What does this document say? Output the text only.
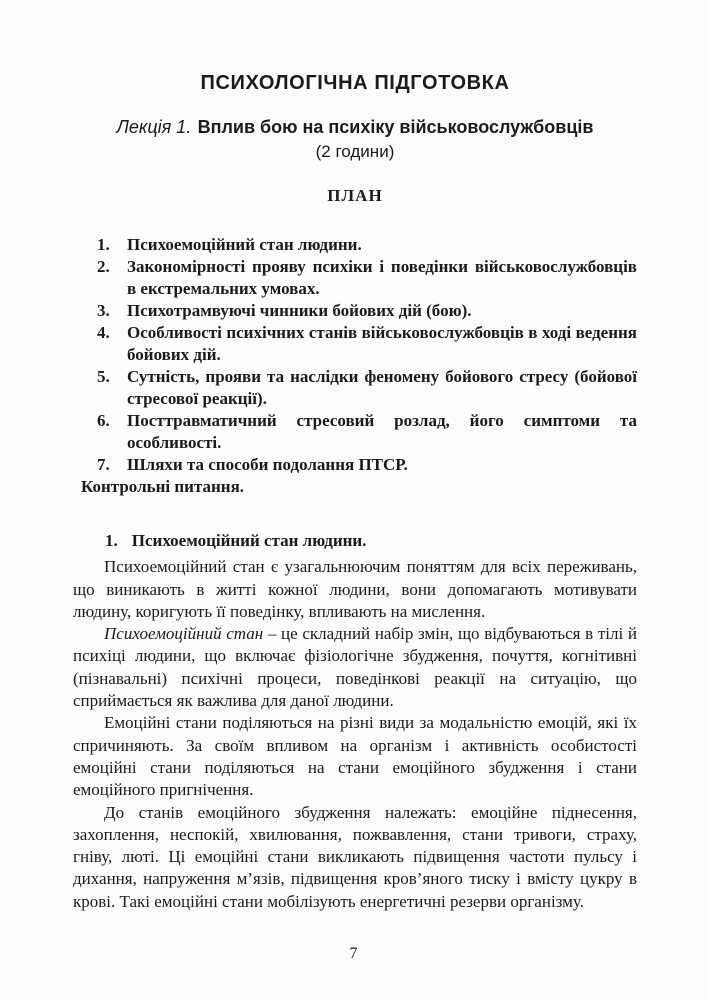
ПСИХОЛОГІЧНА ПІДГОТОВКА

Лекція 1. Вплив бою на психіку військовослужбовців

(2 години)

ПЛАН
1. Психоемоційний стан людини.
2. Закономірності прояву психіки і поведінки військовослужбовців в екстремальних умовах.
3. Психотрамвуючі чинники бойових дій (бою).
4. Особливості психічних станів військовослужбовців в ході ведення бойових дій.
5. Сутність, прояви та наслідки феномену бойового стресу (бойової стресової реакції).
6. Посттравматичний стресовий розлад, його симптоми та особливості.
7. Шляхи та способи подолання ПТСР.
Контрольні питання.
1. Психоемоційний стан людини.

Психоемоційний стан є узагальнюючим поняттям для всіх переживань, що виникають в житті кожної людини, вони допомагають мотивувати людину, коригують її поведінку, впливають на мислення.

Психоемоційний стан – це складний набір змін, що відбуваються в тілі й психіці людини, що включає фізіологічне збудження, почуття, когнітивні (пізнавальні) психічні процеси, поведінкові реакції на ситуацію, що сприймається як важлива для даної людини.

Емоційні стани поділяються на різні види за модальністю емоцій, які їх спричиняють. За своїм впливом на організм і активність особистості емоційні стани поділяються на стани емоційного збудження і стани емоційного пригнічення.

До станів емоційного збудження належать: емоційне піднесення, захоплення, неспокій, хвилювання, пожвавлення, стани тривоги, страху, гніву, люті. Ці емоційні стани викликають підвищення частоти пульсу і дихання, напруження м’язів, підвищення кров’яного тиску і вмісту цукру в крові. Такі емоційні стани мобілізують енергетичні резерви організму.

7
